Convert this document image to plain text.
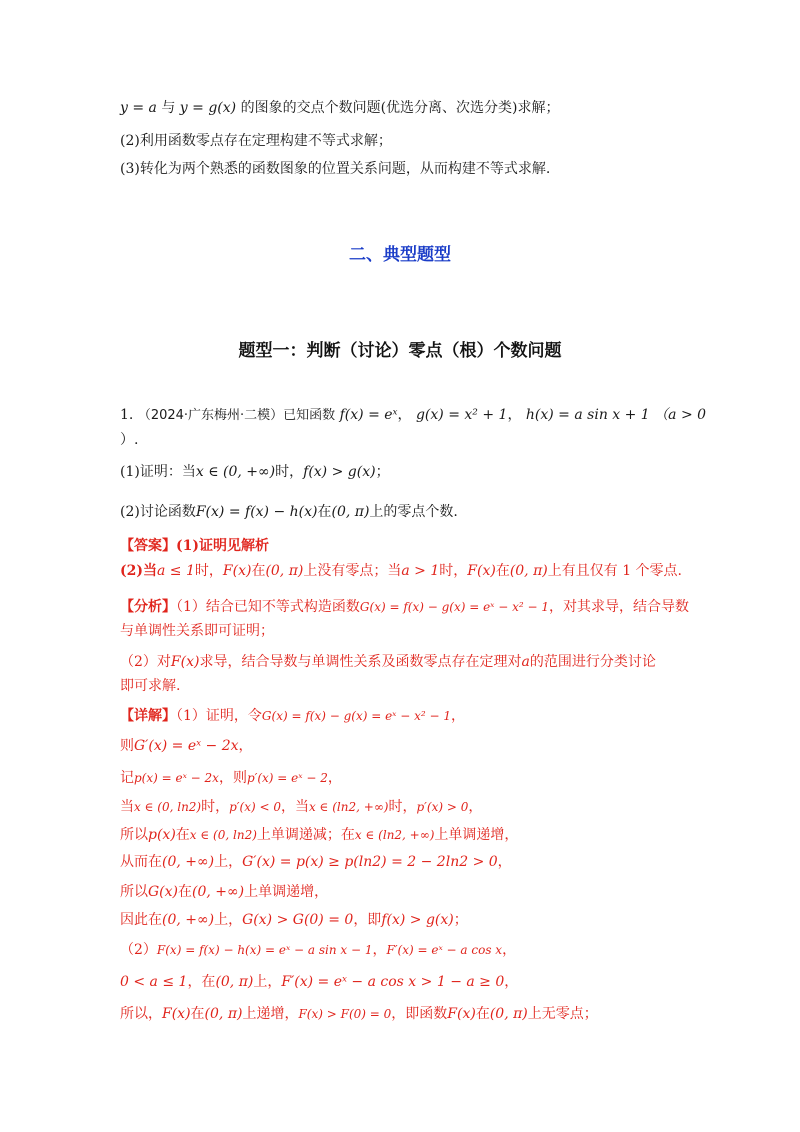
y = a 与 y = g(x) 的图象的交点个数问题(优选分离、次选分类)求解；
(2)利用函数零点存在定理构建不等式求解；
(3)转化为两个熟悉的函数图象的位置关系问题，从而构建不等式求解.
二、典型题型
题型一：判断（讨论）零点（根）个数问题
1. （2024·广东梅州·二模）已知函数 f(x) = eˣ， g(x) = x² + 1， h(x) = a sin x + 1 （a > 0
）.
(1)证明：当x ∈ (0, +∞)时，f(x) > g(x)；
(2)讨论函数F(x) = f(x) − h(x)在(0, π)上的零点个数.
【答案】(1)证明见解析
(2)当a ≤ 1时，F(x)在(0, π)上没有零点；当a > 1时，F(x)在(0, π)上有且仅有 1 个零点.
【分析】（1）结合已知不等式构造函数G(x) = f(x) − g(x) = eˣ − x² − 1，对其求导，结合导数
与单调性关系即可证明；
（2）对F(x)求导，结合导数与单调性关系及函数零点存在定理对a的范围进行分类讨论
即可求解.
【详解】（1）证明，令G(x) = f(x) − g(x) = eˣ − x² − 1，
则G′(x) = eˣ − 2x，
记p(x) = eˣ − 2x，则p′(x) = eˣ − 2，
当x ∈ (0, ln2)时，p′(x) < 0，当x ∈ (ln2, +∞)时，p′(x) > 0，
所以p(x)在x ∈ (0, ln2)上单调递减；在x ∈ (ln2, +∞)上单调递增，
从而在(0, +∞)上，G′(x) = p(x) ≥ p(ln2) = 2 − 2ln2 > 0，
所以G(x)在(0, +∞)上单调递增，
因此在(0, +∞)上，G(x) > G(0) = 0，即f(x) > g(x)；
（2）F(x) = f(x) − h(x) = eˣ − a sin x − 1，F′(x) = eˣ − a cos x，
0 < a ≤ 1，在(0, π)上，F′(x) = eˣ − a cos x > 1 − a ≥ 0，
所以，F(x)在(0, π)上递增，F(x) > F(0) = 0，即函数F(x)在(0, π)上无零点；
